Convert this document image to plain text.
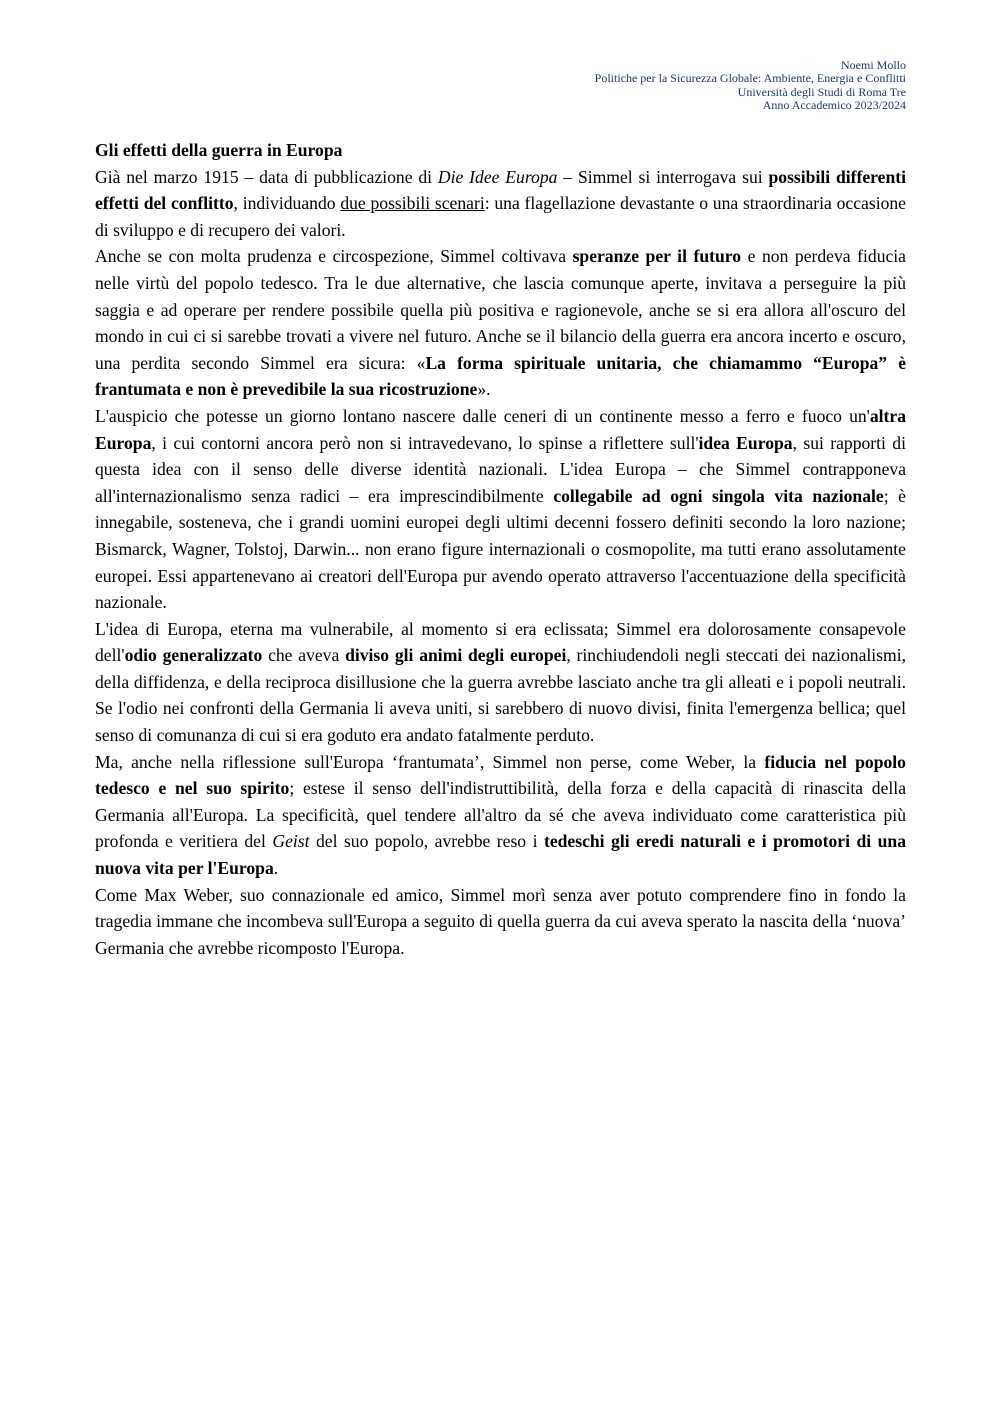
Noemi Mollo
Politiche per la Sicurezza Globale: Ambiente, Energia e Conflitti
Università degli Studi di Roma Tre
Anno Accademico 2023/2024

Gli effetti della guerra in Europa

Già nel marzo 1915 – data di pubblicazione di Die Idee Europa – Simmel si interrogava sui possibili differenti effetti del conflitto, individuando due possibili scenari: una flagellazione devastante o una straordinaria occasione di sviluppo e di recupero dei valori.

Anche se con molta prudenza e circospezione, Simmel coltivava speranze per il futuro e non perdeva fiducia nelle virtù del popolo tedesco. Tra le due alternative, che lascia comunque aperte, invitava a perseguire la più saggia e ad operare per rendere possibile quella più positiva e ragionevole, anche se si era allora all'oscuro del mondo in cui ci si sarebbe trovati a vivere nel futuro. Anche se il bilancio della guerra era ancora incerto e oscuro, una perdita secondo Simmel era sicura: «La forma spirituale unitaria, che chiamammo “Europa” è frantumata e non è prevedibile la sua ricostruzione».

L'auspicio che potesse un giorno lontano nascere dalle ceneri di un continente messo a ferro e fuoco un'altra Europa, i cui contorni ancora però non si intravedevano, lo spinse a riflettere sull'idea Europa, sui rapporti di questa idea con il senso delle diverse identità nazionali. L'idea Europa – che Simmel contrapponeva all'internazionalismo senza radici – era imprescindibilmente collegabile ad ogni singola vita nazionale; è innegabile, sosteneva, che i grandi uomini europei degli ultimi decenni fossero definiti secondo la loro nazione; Bismarck, Wagner, Tolstoj, Darwin... non erano figure internazionali o cosmopolite, ma tutti erano assolutamente europei. Essi appartenevano ai creatori dell'Europa pur avendo operato attraverso l'accentuazione della specificità nazionale.

L'idea di Europa, eterna ma vulnerabile, al momento si era eclissata; Simmel era dolorosamente consapevole dell'odio generalizzato che aveva diviso gli animi degli europei, rinchiudendoli negli steccati dei nazionalismi, della diffidenza, e della reciproca disillusione che la guerra avrebbe lasciato anche tra gli alleati e i popoli neutrali. Se l'odio nei confronti della Germania li aveva uniti, si sarebbero di nuovo divisi, finita l'emergenza bellica; quel senso di comunanza di cui si era goduto era andato fatalmente perduto.

Ma, anche nella riflessione sull'Europa ‘frantumata’, Simmel non perse, come Weber, la fiducia nel popolo tedesco e nel suo spirito; estese il senso dell'indistruttibilità, della forza e della capacità di rinascita della Germania all'Europa. La specificità, quel tendere all'altro da sé che aveva individuato come caratteristica più profonda e veritiera del Geist del suo popolo, avrebbe reso i tedeschi gli eredi naturali e i promotori di una nuova vita per l'Europa.

Come Max Weber, suo connazionale ed amico, Simmel morì senza aver potuto comprendere fino in fondo la tragedia immane che incombeva sull'Europa a seguito di quella guerra da cui aveva sperato la nascita della ‘nuova’ Germania che avrebbe ricomposto l'Europa.
